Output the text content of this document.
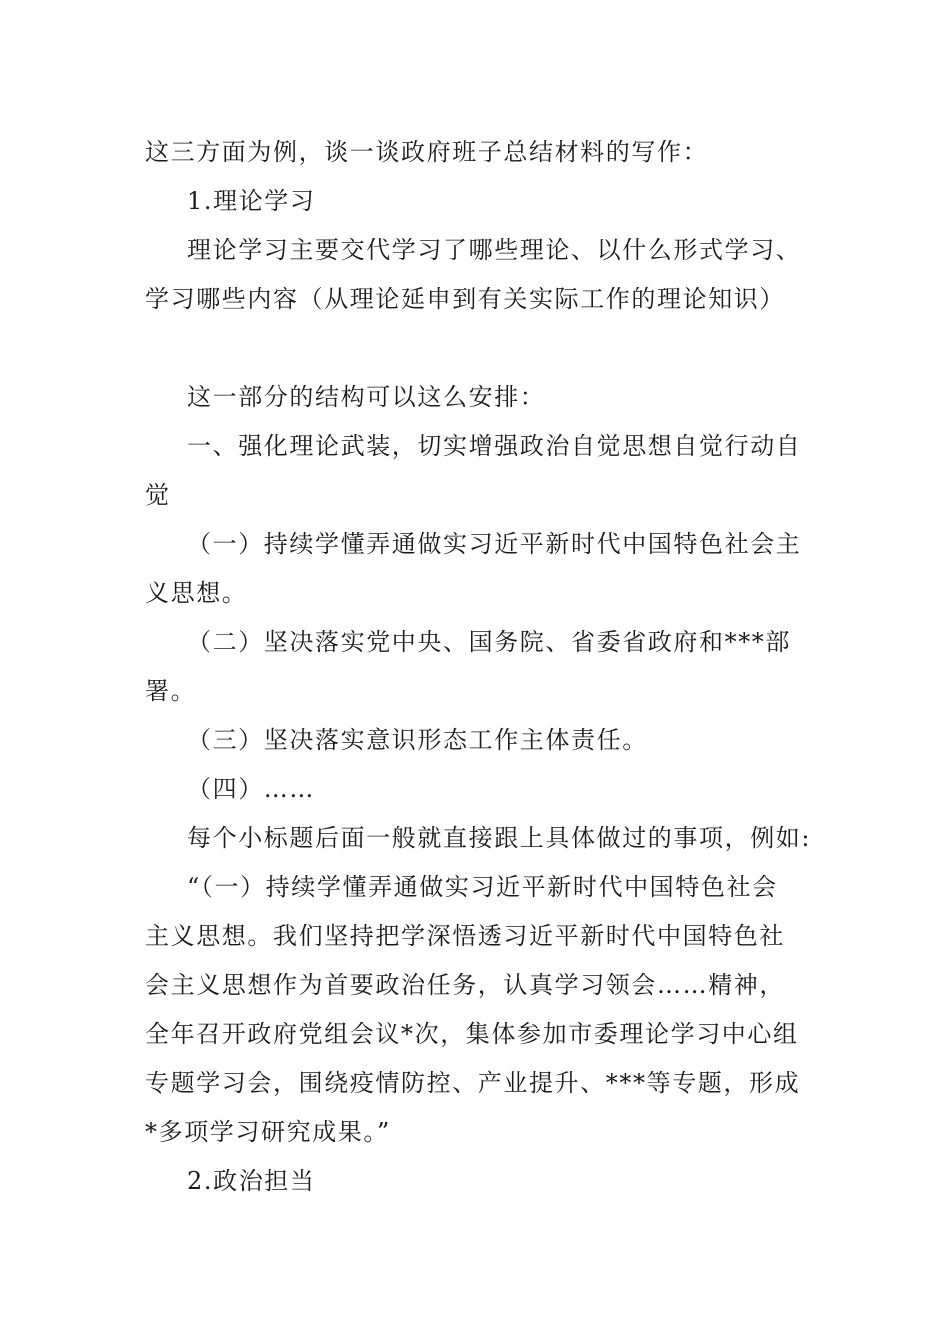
这三方面为例，谈一谈政府班子总结材料的写作：

1.理论学习

理论学习主要交代学习了哪些理论、以什么形式学习、

学习哪些内容（从理论延申到有关实际工作的理论知识）

这一部分的结构可以这么安排：

一、强化理论武装，切实增强政治自觉思想自觉行动自

觉

（一）持续学懂弄通做实习近平新时代中国特色社会主

义思想。

（二）坚决落实党中央、国务院、省委省政府和***部

署。

（三）坚决落实意识形态工作主体责任。

（四）……

每个小标题后面一般就直接跟上具体做过的事项，例如:

“（一）持续学懂弄通做实习近平新时代中国特色社会

主义思想。我们坚持把学深悟透习近平新时代中国特色社

会主义思想作为首要政治任务，认真学习领会……精神，

全年召开政府党组会议*次，集体参加市委理论学习中心组

专题学习会，围绕疫情防控、产业提升、***等专题，形成

*多项学习研究成果。”

2.政治担当
